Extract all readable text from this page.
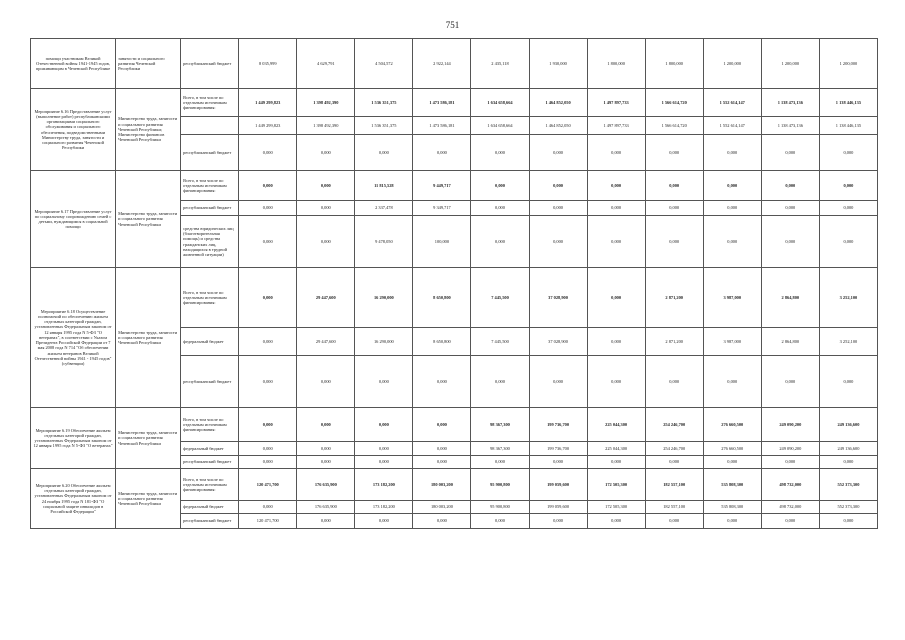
751
помощи участникам Великой Отечественной войны 1941-1945 годов, проживающим в Чеченской Республике	занятости и социального развития Чеченской Республики	республиканский бюджет	8 035,999	4 629,791	4 504,572	2 922,144	2 435,118	1 930,000	1 800,000	1 800,000	1 200,000	1 200,000	1 200,000
Мероприятие 6.16 Предоставление услуг (выполнение работ) республиканскими организациями социального обслуживания и социального обеспечения, подведомственными Министерству труда, занятости и социального развития Чеченской Республики	Министерство труда, занятости и социального развития Чеченской Республики; Министерство финансов Чеченской Республики	Всего, в том числе по отдельным источникам финансирования:	1 449 299,823	1 398 492,390	1 536 351,375	1 473 586,181	1 634 658,664	1 464 852,050	1 497 897,733	1 566 614,720	1 552 614,147	1 138 473,136	1 138 446,135
			1 449 299,823	1 398 492,390	1 536 351,375	1 473 586,181	1 634 658,664	1 464 852,050	1 497 897,733	1 566 614,720	1 552 614,147	1 138 473,136	1 138 446,135
		республиканский бюджет	0,000	0,000	0,000	0,000	0,000	0,000	0,000	0,000	0,000	0,000	0,000
Мероприятие 6.17 Предоставление услуг по социальному сопровождению семей с детьми, нуждающимся в социальной помощи	Министерство труда, занятости и социального развития Чеченской Республики	Всего, в том числе по отдельным источникам финансирования:	0,000	0,000	11 815,528	9 449,717	0,000	0,000	0,000	0,000	0,000	0,000	0,000
		республиканский бюджет	0,000	0,000	2 337,478	9 349,717	0,000	0,000	0,000	0,000	0,000	0,000	0,000
		средства юридических лиц (благотворительная помощь) и средства гражданских лиц, находящихся в трудной жизненной ситуации)	0,000	0,000	9 478,050	100,000	0,000	0,000	0,000	0,000	0,000	0,000	0,000
Мероприятие 6.18 Осуществление полномочий по обеспечению жильем отдельных категорий граждан, установленных Федеральным законом от 12 января 1995 года N 5-ФЗ "О ветеранах", в соответствии с Указом Президента Российской Федерации от 7 мая 2008 года N 714 "Об обеспечении жильем ветеранов Великой Отечественной войны 1941 - 1945 годов" (субвенции)	Министерство труда, занятости и социального развития Чеченской Республики	Всего, в том числе по отдельным источникам финансирования:	0,000	29 447,600	16 290,000	8 650,800	7 445,500	37 028,900	0,000	2 871,200	3 987,000	2 864,800	3 252,100
		федеральный бюджет	0,000	29 447,600	16 290,000	8 650,800	7 445,500	37 028,900	0,000	2 871,200	3 987,000	2 864,800	3 252,100
		республиканский бюджет	0,000	0,000	0,000	0,000	0,000	0,000	0,000	0,000	0,000	0,000	0,000
Мероприятие 6.19 Обеспечение жильем отдельных категорий граждан, установленных Федеральным законом от 12 января 1995 года N 5-ФЗ "О ветеранах"	Министерство труда, занятости и социального развития Чеченской Республики	Всего, в том числе по отдельным источникам финансирования:	0,000	0,000	0,000	0,000	98 367,300	199 736,700	225 044,300	254 246,700	276 660,500	249 090,200	249 136,600
		федеральный бюджет	0,000	0,000	0,000	0,000	98 367,300	199 736,700	225 044,300	254 246,700	276 660,500	249 090,200	249 136,600
		республиканский бюджет	0,000	0,000	0,000	0,000	0,000	0,000	0,000	0,000	0,000	0,000	0,000
Мероприятие 6.20 Обеспечение жильем отдельных категорий граждан, установленных Федеральным законом от 24 ноября 1995 года N 181-ФЗ "О социальной защите инвалидов в Российской Федерации"	Министерство труда, занятости и социального развития Чеченской Республики	Всего, в том числе по отдельным источникам финансирования:	120 471,700	176 635,900	173 182,200	180 003,200	95 900,800	199 059,600	172 505,300	182 557,100	535 808,300	498 732,000	552 373,300
		федеральный бюджет	0,000	176 635,900	173 182,200	180 003,200	95 900,800	199 059,600	172 505,300	182 557,100	535 808,300	498 732,000	552 373,300
		республиканский бюджет	120 471,700	0,000	0,000	0,000	0,000	0,000	0,000	0,000	0,000	0,000	0,000
